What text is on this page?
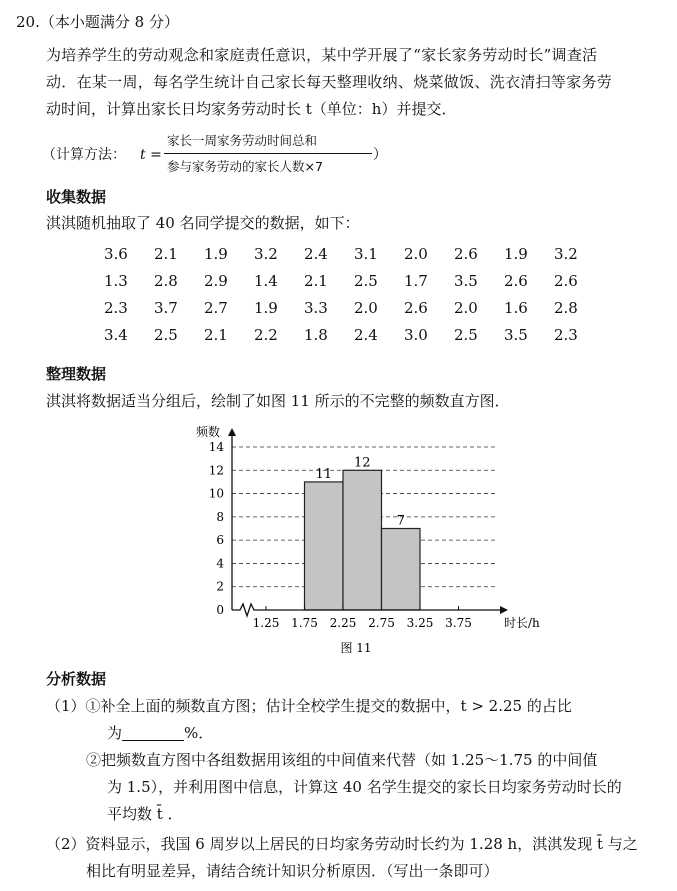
20.（本小题满分 8 分）
为培养学生的劳动观念和家庭责任意识，某中学开展了“家长家务劳动时长”调查活
动．在某一周，每名学生统计自己家长每天整理收纳、烧菜做饭、洗衣清扫等家务劳
动时间，计算出家长日均家务劳动时长 t（单位：h）并提交．
（计算方法： t =
家长一周家务劳动时间总和
参与家务劳动的家长人数×7
）
收集数据
淇淇随机抽取了 40 名同学提交的数据，如下：
3.6	2.1	1.9	3.2	2.4	3.1	2.0	2.6	1.9	3.2
1.3	2.8	2.9	1.4	2.1	2.5	1.7	3.5	2.6	2.6
2.3	3.7	2.7	1.9	3.3	2.0	2.6	2.0	1.6	2.8
3.4	2.5	2.1	2.2	1.8	2.4	3.0	2.5	3.5	2.3
整理数据
淇淇将数据适当分组后，绘制了如图 11 所示的不完整的频数直方图．
0
2
4
6
8
10
12
14
11
12
7
1.25 1.75 2.25 2.75 3.25 3.75
频数
时长/h
图 11
分析数据
（1）①补全上面的频数直方图；估计全校学生提交的数据中，t > 2.25 的占比
为	%．
②把频数直方图中各组数据用该组的中间值来代替（如 1.25～1.75 的中间值
为 1.5），并利用图中信息，计算这 40 名学生提交的家长日均家务劳动时长的
平均数 t̄ ．
（2）资料显示，我国 6 周岁以上居民的日均家务劳动时长约为 1.28 h，淇淇发现 t̄ 与之
相比有明显差异，请结合统计知识分析原因．（写出一条即可）
